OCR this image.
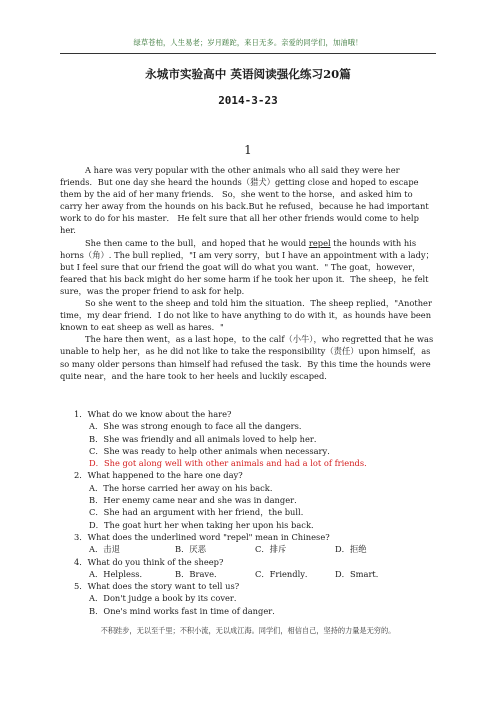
绿草苍柏，人生易老；岁月蹉跎，来日无多。亲爱的同学们，加油哦！
永城市实验高中 英语阅读强化练习20篇
2014-3-23
1

A hare was very popular with the other animals who all said they were her friends．But one day she heard the hounds（猎犬）getting close and hoped to escape them by the aid of her many friends． So，she went to the horse，and asked him to carry her away from the hounds on his back.But he refused，because he had important work to do for his master． He felt sure that all her other friends would come to help her.

She then came to the bull，and hoped that he would repel the hounds with his horns（角）. The bull replied，"I am very sorry，but I have an appointment with a lady；but I feel sure that our friend the goat will do what you want．" The goat，however，feared that his back might do her some harm if he took her upon it．The sheep，he felt sure，was the proper friend to ask for help．

So she went to the sheep and told him the situation．The sheep replied，"Another time，my dear friend．I do not like to have anything to do with it，as hounds have been known to eat sheep as well as hares．"

The hare then went，as a last hope，to the calf（小牛），who regretted that he was unable to help her，as he did not like to take the responsibility（责任）upon himself，as so many older persons than himself had refused the task．By this time the hounds were quite near，and the hare took to her heels and luckily escaped．

1．What do we know about the hare?

A．She was strong enough to face all the dangers．

B．She was friendly and all animals loved to help her．

C．She was ready to help other animals when necessary．

D．She got along well with other animals and had a lot of friends．

2．What happened to the hare one day?

A．The horse carried her away on his back．

B．Her enemy came near and she was in danger．

C．She had an argument with her friend，the bull．

D．The goat hurt her when taking her upon his back．

3．What does the underlined word "repel" mean in Chinese?

A．击退	B．厌恶	C．排斥	D．拒绝

4．What do you think of the sheep?

A．Helpless．	B．Brave．	C．Friendly．	D．Smart．

5．What does the story want to tell us?

A．Don't judge a book by its cover．

B．One's mind works fast in time of danger．

不积跬步，无以至千里；不积小流，无以成江海。同学们，相信自己，坚持的力量是无穷的。
